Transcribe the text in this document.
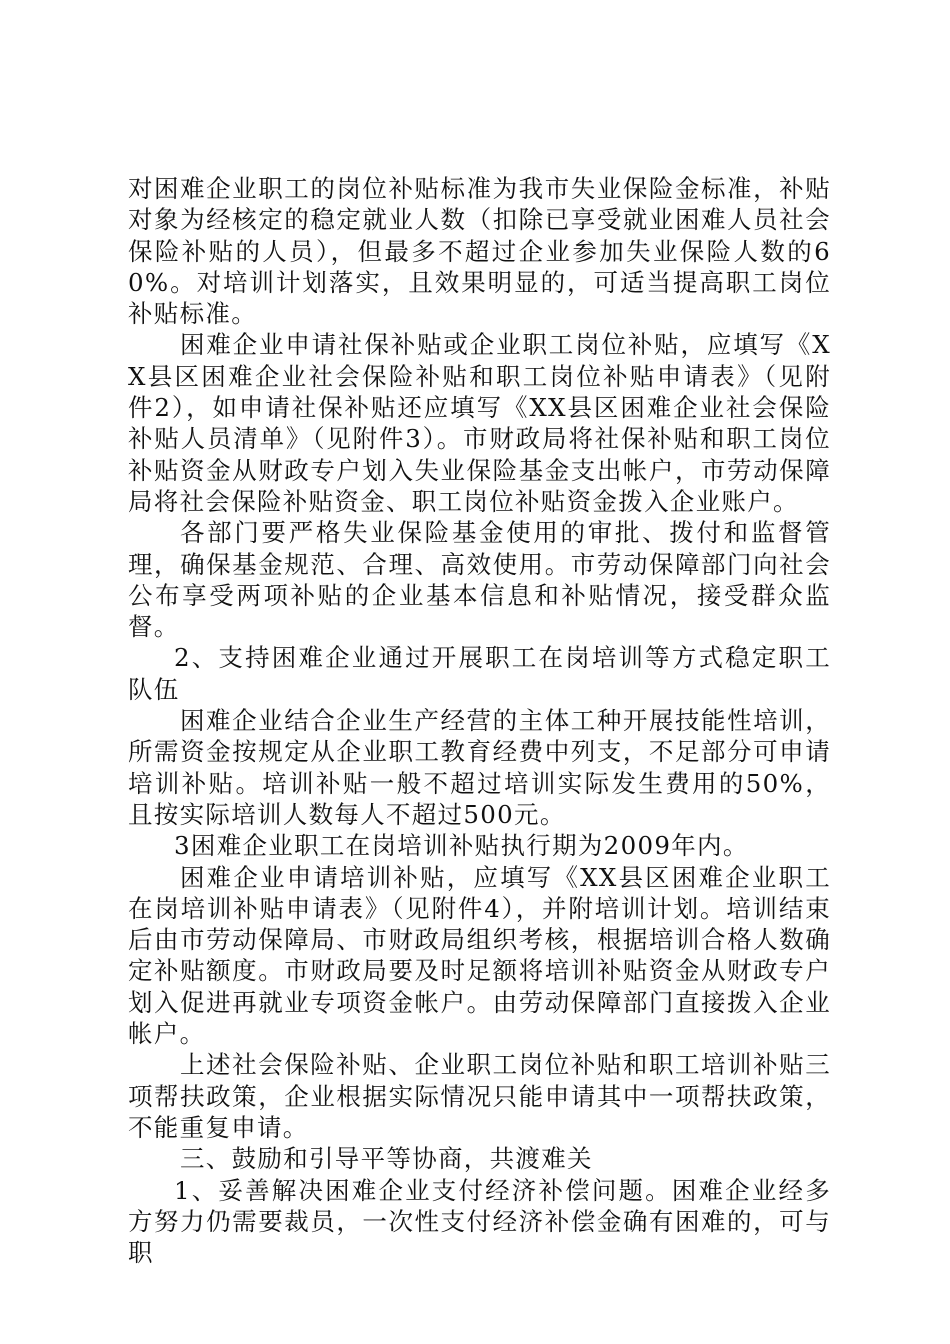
对困难企业职工的岗位补贴标准为我市失业保险金标准，补贴对象为经核定的稳定就业人数（扣除已享受就业困难人员社会保险补贴的人员），但最多不超过企业参加失业保险人数的60%。对培训计划落实，且效果明显的，可适当提高职工岗位补贴标准。

困难企业申请社保补贴或企业职工岗位补贴，应填写《XX县区困难企业社会保险补贴和职工岗位补贴申请表》（见附件2），如申请社保补贴还应填写《XX县区困难企业社会保险补贴人员清单》（见附件3）。市财政局将社保补贴和职工岗位补贴资金从财政专户划入失业保险基金支出帐户，市劳动保障局将社会保险补贴资金、职工岗位补贴资金拨入企业账户。

各部门要严格失业保险基金使用的审批、拨付和监督管理，确保基金规范、合理、高效使用。市劳动保障部门向社会公布享受两项补贴的企业基本信息和补贴情况，接受群众监督。

2、支持困难企业通过开展职工在岗培训等方式稳定职工队伍

困难企业结合企业生产经营的主体工种开展技能性培训，所需资金按规定从企业职工教育经费中列支，不足部分可申请培训补贴。培训补贴一般不超过培训实际发生费用的50%，且按实际培训人数每人不超过500元。

3困难企业职工在岗培训补贴执行期为2009年内。

困难企业申请培训补贴，应填写《XX县区困难企业职工在岗培训补贴申请表》（见附件4），并附培训计划。培训结束后由市劳动保障局、市财政局组织考核，根据培训合格人数确定补贴额度。市财政局要及时足额将培训补贴资金从财政专户划入促进再就业专项资金帐户。由劳动保障部门直接拨入企业帐户。

上述社会保险补贴、企业职工岗位补贴和职工培训补贴三项帮扶政策，企业根据实际情况只能申请其中一项帮扶政策，不能重复申请。

三、鼓励和引导平等协商，共渡难关

1、妥善解决困难企业支付经济补偿问题。困难企业经多方努力仍需要裁员，一次性支付经济补偿金确有困难的，可与职
